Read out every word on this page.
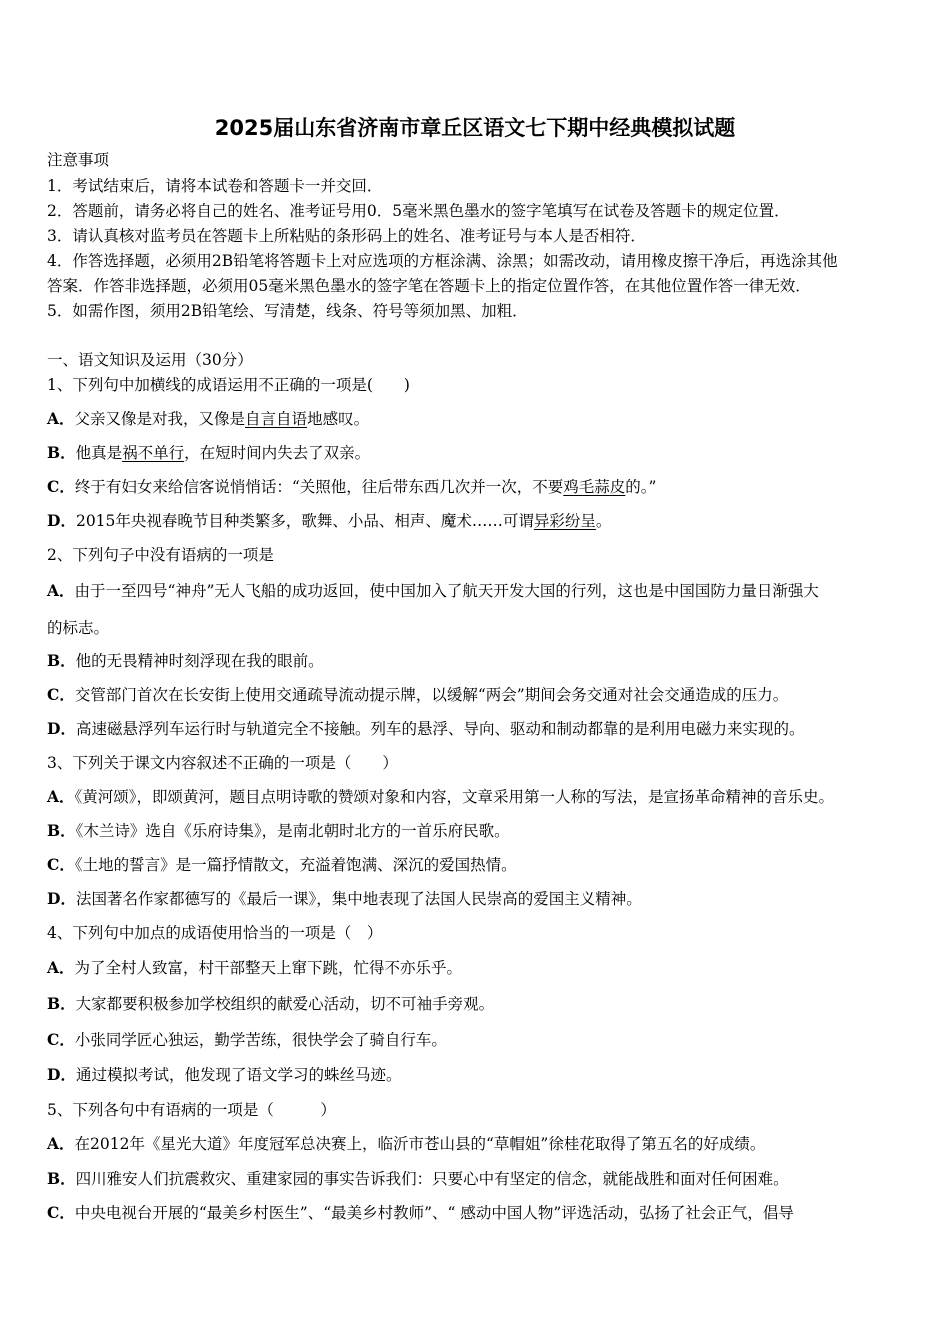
2025届山东省济南市章丘区语文七下期中经典模拟试题
注意事项
1．考试结束后，请将本试卷和答题卡一并交回．
2．答题前，请务必将自己的姓名、准考证号用0．5毫米黑色墨水的签字笔填写在试卷及答题卡的规定位置．
3．请认真核对监考员在答题卡上所粘贴的条形码上的姓名、准考证号与本人是否相符．
4．作答选择题，必须用2B铅笔将答题卡上对应选项的方框涂满、涂黑；如需改动，请用橡皮擦干净后，再选涂其他
答案．作答非选择题，必须用05毫米黑色墨水的签字笔在答题卡上的指定位置作答，在其他位置作答一律无效．
5．如需作图，须用2B铅笔绘、写清楚，线条、符号等须加黑、加粗．
一、语文知识及运用（30分）
1、下列句中加横线的成语运用不正确的一项是(　　)
A．父亲又像是对我，又像是自言自语地感叹。
B．他真是祸不单行，在短时间内失去了双亲。
C．终于有妇女来给信客说悄悄话：“关照他，往后带东西几次并一次，不要鸡毛蒜皮的。”
D．2015年央视春晚节目种类繁多，歌舞、小品、相声、魔术……可谓异彩纷呈。
2、下列句子中没有语病的一项是
A．由于一至四号“神舟”无人飞船的成功返回，使中国加入了航天开发大国的行列，这也是中国国防力量日渐强大
的标志。
B．他的无畏精神时刻浮现在我的眼前。
C．交管部门首次在长安街上使用交通疏导流动提示牌，以缓解“两会”期间会务交通对社会交通造成的压力。
D．高速磁悬浮列车运行时与轨道完全不接触。列车的悬浮、导向、驱动和制动都靠的是利用电磁力来实现的。
3、下列关于课文内容叙述不正确的一项是（　　）
A．《黄河颂》，即颂黄河，题目点明诗歌的赞颂对象和内容，文章采用第一人称的写法，是宣扬革命精神的音乐史。
B．《木兰诗》选自《乐府诗集》，是南北朝时北方的一首乐府民歌。
C．《土地的誓言》是一篇抒情散文，充溢着饱满、深沉的爱国热情。
D．法国著名作家都德写的《最后一课》，集中地表现了法国人民崇高的爱国主义精神。
4、下列句中加点的成语使用恰当的一项是（　）
A．为了全村人致富，村干部整天上窜下跳，忙得不亦乐乎。
B．大家都要积极参加学校组织的献爱心活动，切不可袖手旁观。
C．小张同学匠心独运，勤学苦练，很快学会了骑自行车。
D．通过模拟考试，他发现了语文学习的蛛丝马迹。
5、下列各句中有语病的一项是（　　　）
A．在2012年《星光大道》年度冠军总决赛上，临沂市苍山县的“草帽姐”徐桂花取得了第五名的好成绩。
B．四川雅安人们抗震救灾、重建家园的事实告诉我们：只要心中有坚定的信念，就能战胜和面对任何困难。
C．中央电视台开展的“最美乡村医生”、“最美乡村教师”、“ 感动中国人物”评选活动，弘扬了社会正气，倡导
